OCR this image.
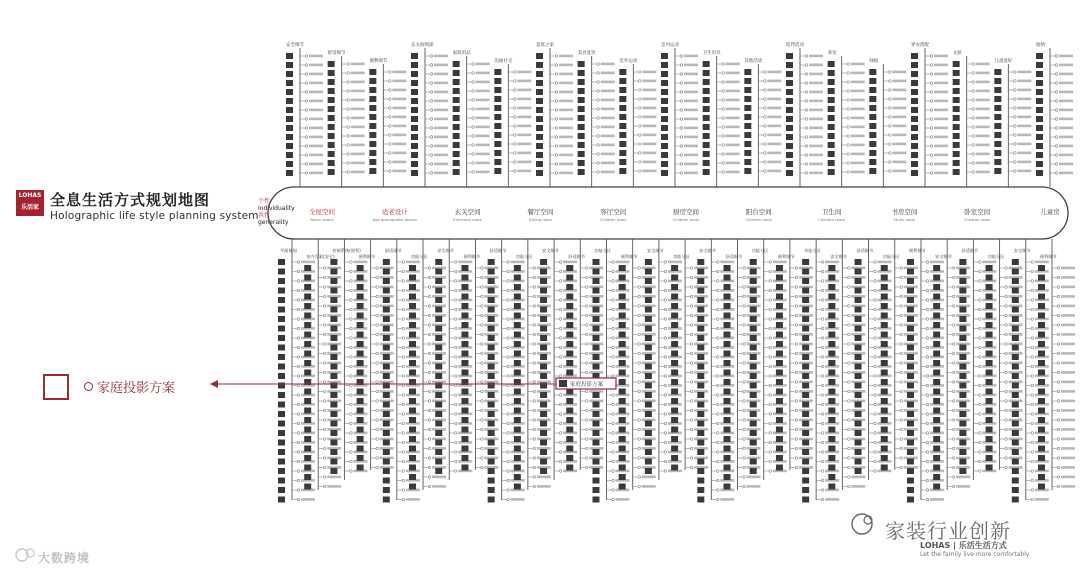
LOHAS
乐活家 全息生活方式规划地图
Holographic life style planning system
个性
individuality
共性
generality
全屋空间
Room space
适老设计
Age appropriate design
玄关空间
Entryway room
餐厅空间
Dining room
客厅空间
Children room
厨房空间
Children room
阳台空间
Children room
卫生间
Children room
书房空间
Study room
卧室空间
Children room
儿童房
安全细节
舒适细节
便利细节
玄关收纳部
家政用品
沟通社交
宴席之家
美食宴饮
室外运动
室内运动
卫生用具
其他活动
陪伴活动
养宠
绿植
穿衣搭配
文娱
儿童爱好
收纳
平面规划
室内方案(安全)
控制系统(便利)
便利细节
舒适细节
功能分区
安全细节
便利细节
舒适细节
功能分区
安全细节
舒适细节
功能分区
便利细节
安全细节
功能分区
安全细节
舒适细节
功能分区
便利细节
功能分区
安全细节
舒适细节
功能分区
便利细节
安全细节
舒适细节
功能分区
安全细节
便利细节
家庭投影方案
家庭投影方案
大数跨境
家装行业创新
LOHAS | 乐活生活方式
Let the family live more comfortably
